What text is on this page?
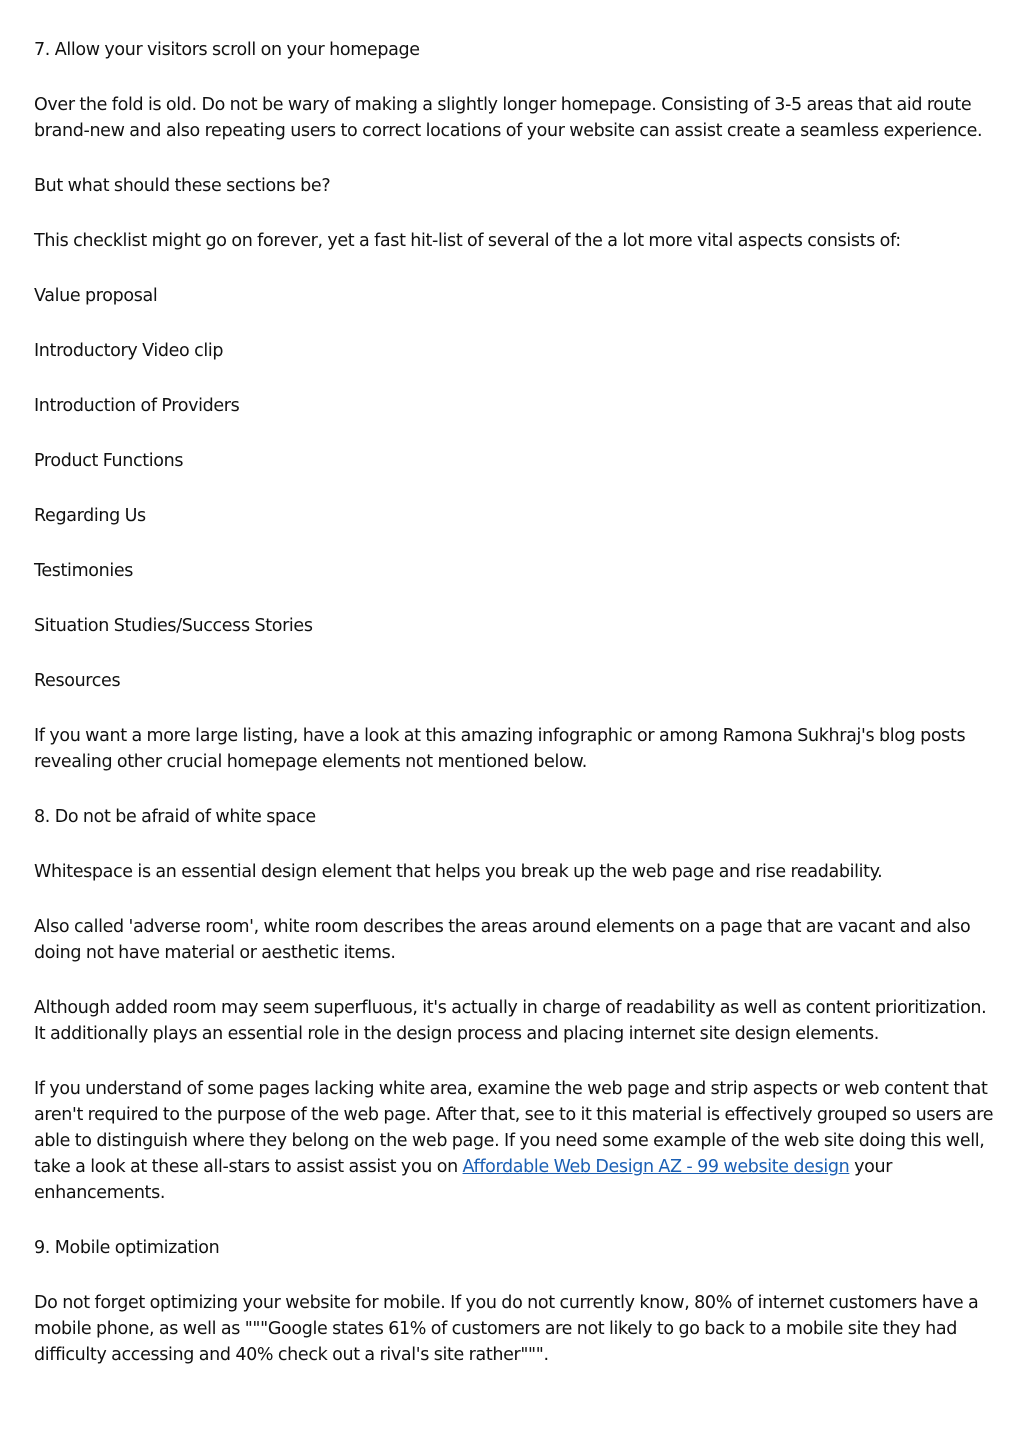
7. Allow your visitors scroll on your homepage

Over the fold is old. Do not be wary of making a slightly longer homepage. Consisting of 3-5 areas that aid route brand-new and also repeating users to correct locations of your website can assist create a seamless experience.

But what should these sections be?

This checklist might go on forever, yet a fast hit-list of several of the a lot more vital aspects consists of:

Value proposal

Introductory Video clip

Introduction of Providers

Product Functions

Regarding Us

Testimonies

Situation Studies/Success Stories

Resources

If you want a more large listing, have a look at this amazing infographic or among Ramona Sukhraj's blog posts revealing other crucial homepage elements not mentioned below.

8. Do not be afraid of white space

Whitespace is an essential design element that helps you break up the web page and rise readability.

Also called 'adverse room', white room describes the areas around elements on a page that are vacant and also doing not have material or aesthetic items.

Although added room may seem superfluous, it's actually in charge of readability as well as content prioritization. It additionally plays an essential role in the design process and placing internet site design elements.

If you understand of some pages lacking white area, examine the web page and strip aspects or web content that aren't required to the purpose of the web page. After that, see to it this material is effectively grouped so users are able to distinguish where they belong on the web page. If you need some example of the web site doing this well, take a look at these all-stars to assist assist you on Affordable Web Design AZ - 99 website design your enhancements.

9. Mobile optimization

Do not forget optimizing your website for mobile. If you do not currently know, 80% of internet customers have a mobile phone, as well as """Google states 61% of customers are not likely to go back to a mobile site they had difficulty accessing and 40% check out a rival's site rather""".
